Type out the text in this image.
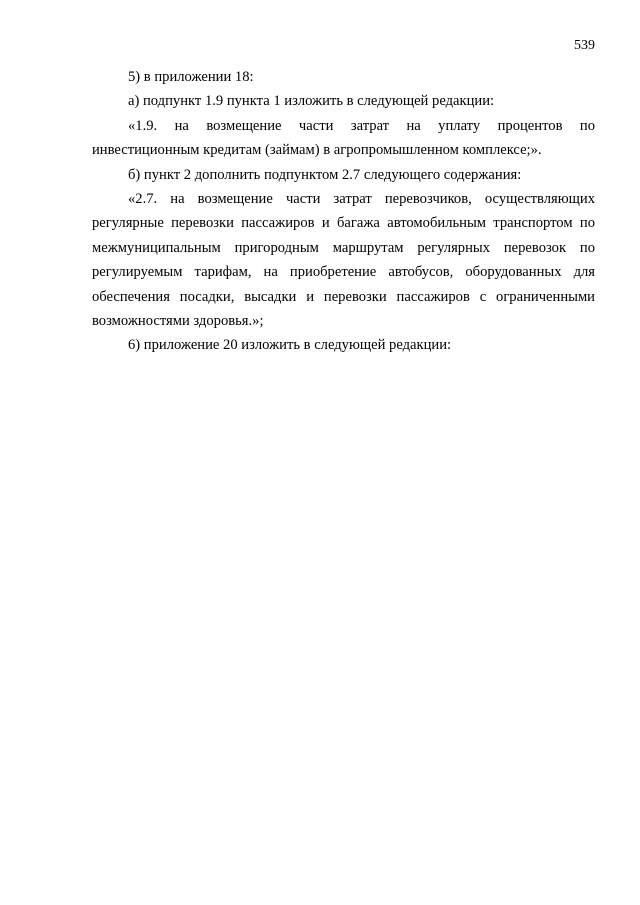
539

5) в приложении 18:

а) подпункт 1.9 пункта 1 изложить в следующей редакции:

«1.9. на возмещение части затрат на уплату процентов по инвестиционным кредитам (займам) в агропромышленном комплексе;».

б) пункт 2 дополнить подпунктом 2.7 следующего содержания:

«2.7. на возмещение части затрат перевозчиков, осуществляющих регулярные перевозки пассажиров и багажа автомобильным транспортом по межмуниципальным пригородным маршрутам регулярных перевозок по регулируемым тарифам, на приобретение автобусов, оборудованных для обеспечения посадки, высадки и перевозки пассажиров с ограниченными возможностями здоровья.»;

6) приложение 20 изложить в следующей редакции:
